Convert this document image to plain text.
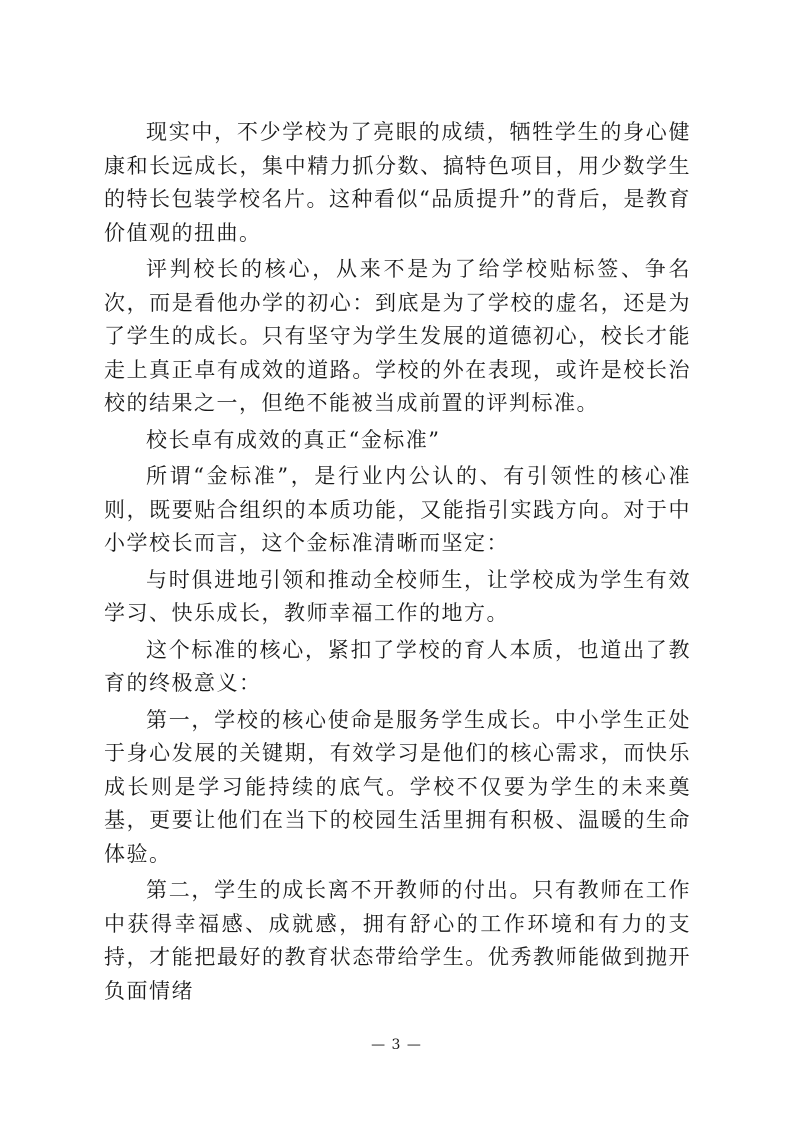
现实中，不少学校为了亮眼的成绩，牺牲学生的身心健康和长远成长，集中精力抓分数、搞特色项目，用少数学生的特长包装学校名片。这种看似“品质提升”的背后，是教育价值观的扭曲。

评判校长的核心，从来不是为了给学校贴标签、争名次，而是看他办学的初心：到底是为了学校的虚名，还是为了学生的成长。只有坚守为学生发展的道德初心，校长才能走上真正卓有成效的道路。学校的外在表现，或许是校长治校的结果之一，但绝不能被当成前置的评判标准。

校长卓有成效的真正“金标准”

所谓“金标准”，是行业内公认的、有引领性的核心准则，既要贴合组织的本质功能，又能指引实践方向。对于中小学校长而言，这个金标准清晰而坚定：

与时俱进地引领和推动全校师生，让学校成为学生有效学习、快乐成长，教师幸福工作的地方。

这个标准的核心，紧扣了学校的育人本质，也道出了教育的终极意义：

第一，学校的核心使命是服务学生成长。中小学生正处于身心发展的关键期，有效学习是他们的核心需求，而快乐成长则是学习能持续的底气。学校不仅要为学生的未来奠基，更要让他们在当下的校园生活里拥有积极、温暖的生命体验。

第二，学生的成长离不开教师的付出。只有教师在工作中获得幸福感、成就感，拥有舒心的工作环境和有力的支持，才能把最好的教育状态带给学生。优秀教师能做到抛开负面情绪

— 3 —
